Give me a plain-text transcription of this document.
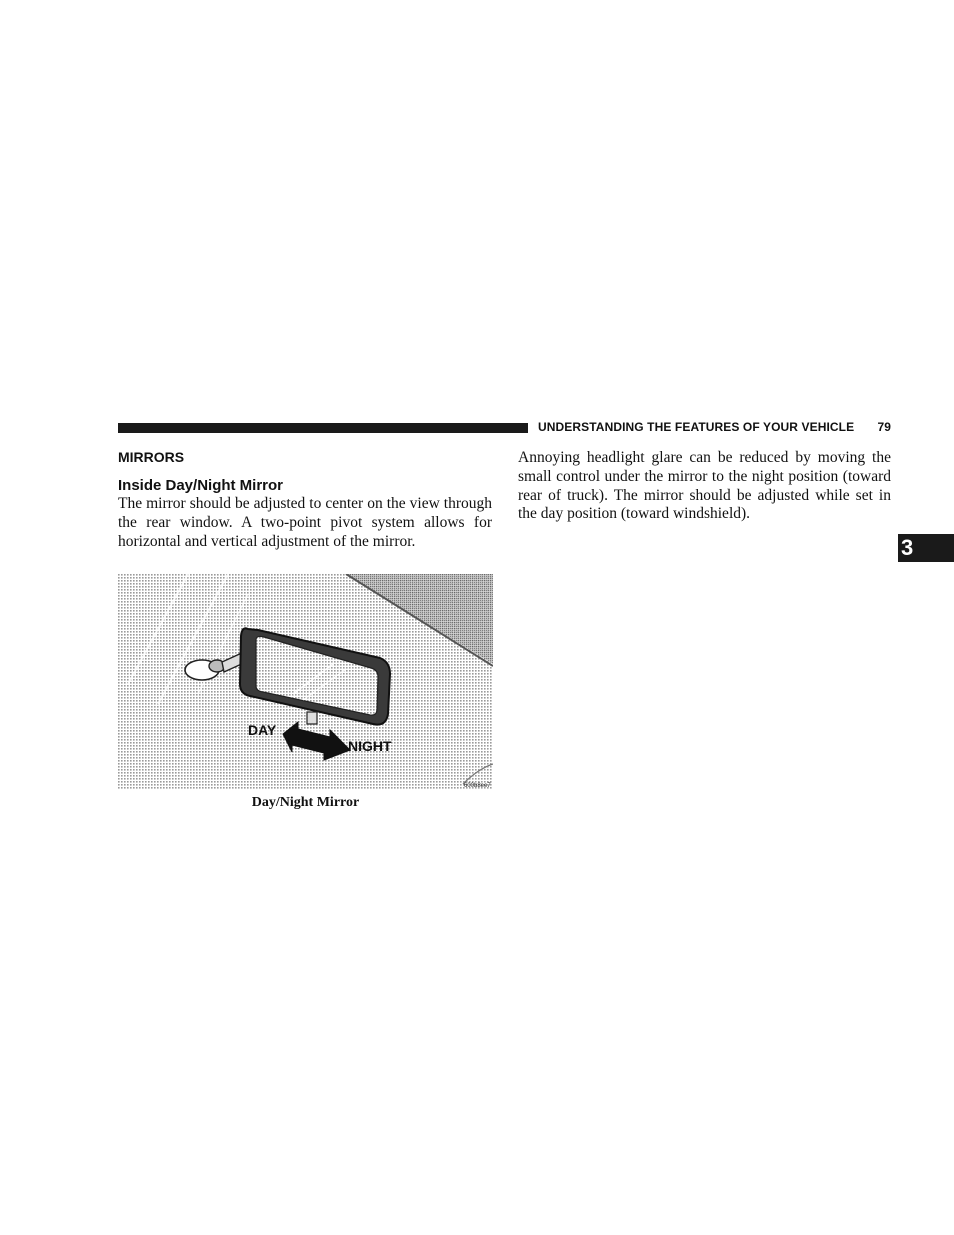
UNDERSTANDING THE FEATURES OF YOUR VEHICLE 79
MIRRORS
Inside Day/Night Mirror
The mirror should be adjusted to center on the view through the rear window. A two-point pivot system allows for horizontal and vertical adjustment of the mirror.
Annoying headlight glare can be reduced by moving the small control under the mirror to the night position (toward rear of truck). The mirror should be adjusted while set in the day position (toward windshield).
DAY
NIGHT
600b8ee7
Day/Night Mirror
3
